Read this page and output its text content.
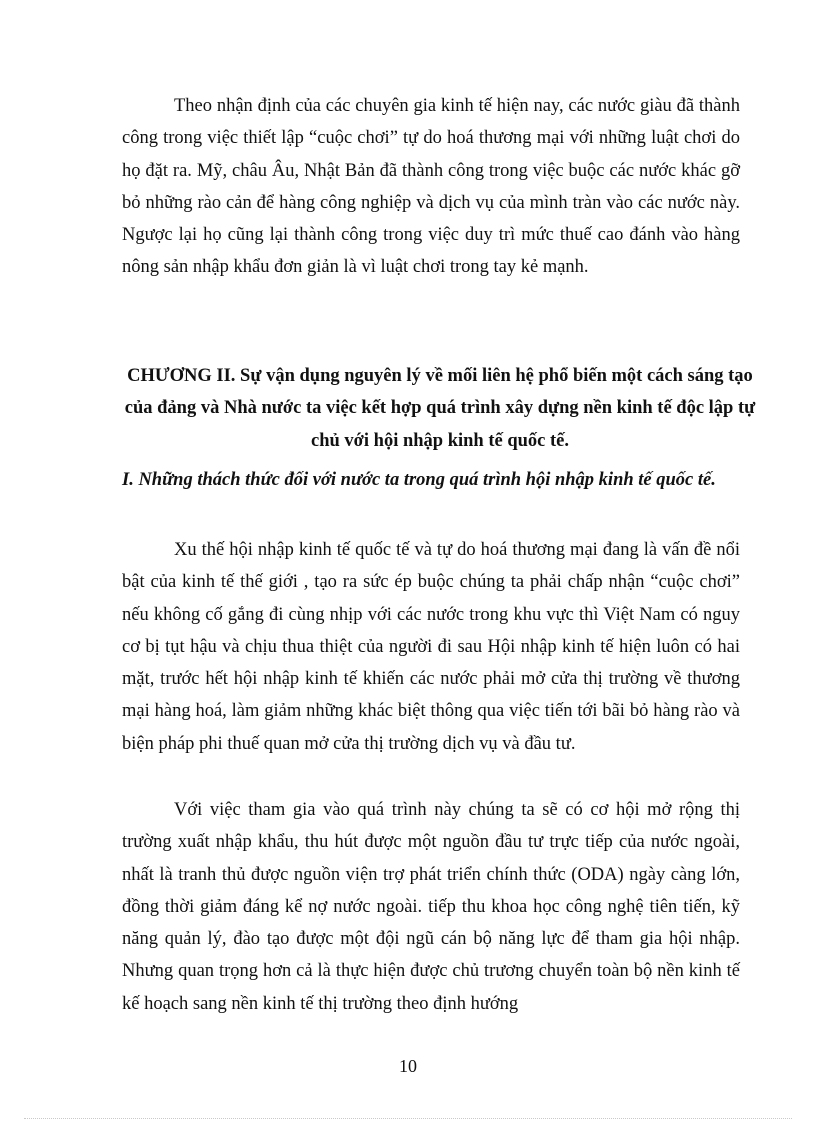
Theo nhận định của các chuyên gia kinh tế hiện nay, các nước giàu đã thành công trong việc thiết lập “cuộc chơi” tự do hoá thương mại với những luật chơi do họ đặt ra. Mỹ, châu Âu, Nhật Bản đã thành công trong việc buộc các nước khác gỡ bỏ những rào cản để hàng công nghiệp và dịch vụ của mình tràn vào các nước này. Ngược lại họ cũng lại thành công trong việc duy trì mức thuế cao đánh vào hàng nông sản nhập khẩu đơn giản là vì luật chơi trong tay kẻ mạnh.

CHƯƠNG II. Sự vận dụng nguyên lý về mối liên hệ phổ biến một cách sáng tạo của đảng và Nhà nước ta việc kết hợp quá trình xây dựng nền kinh tế độc lập tự chủ với hội nhập kinh tế quốc tế.
I. Những thách thức đối với nước ta trong quá trình hội nhập kinh tế quốc tế.

Xu thế hội nhập kinh tế quốc tế và tự do hoá thương mại đang là vấn đề nổi bật của kinh tế thế giới , tạo ra sức ép buộc chúng ta phải chấp nhận “cuộc chơi” nếu không cố gắng đi cùng nhịp với các nước trong khu vực thì Việt Nam có nguy cơ bị tụt hậu và chịu thua thiệt của người đi sau Hội nhập kinh tế hiện luôn có hai mặt, trước hết hội nhập kinh tế khiến các nước phải mở cửa thị trường về thương mại hàng hoá, làm giảm những khác biệt thông qua việc tiến tới bãi bỏ hàng rào và biện pháp phi thuế quan mở cửa thị trường dịch vụ và đầu tư.

Với việc tham gia vào quá trình này chúng ta sẽ có cơ hội mở rộng thị trường xuất nhập khẩu, thu hút được một nguồn đầu tư trực tiếp của nước ngoài, nhất là tranh thủ được nguồn viện trợ phát triển chính thức (ODA) ngày càng lớn, đồng thời giảm đáng kể nợ nước ngoài. tiếp thu khoa học công nghệ tiên tiến, kỹ năng quản lý, đào tạo được một đội ngũ cán bộ năng lực để tham gia hội nhập. Nhưng quan trọng hơn cả là thực hiện được chủ trương chuyển toàn bộ nền kinh tế kế hoạch sang nền kinh tế thị trường theo định hướng

10
